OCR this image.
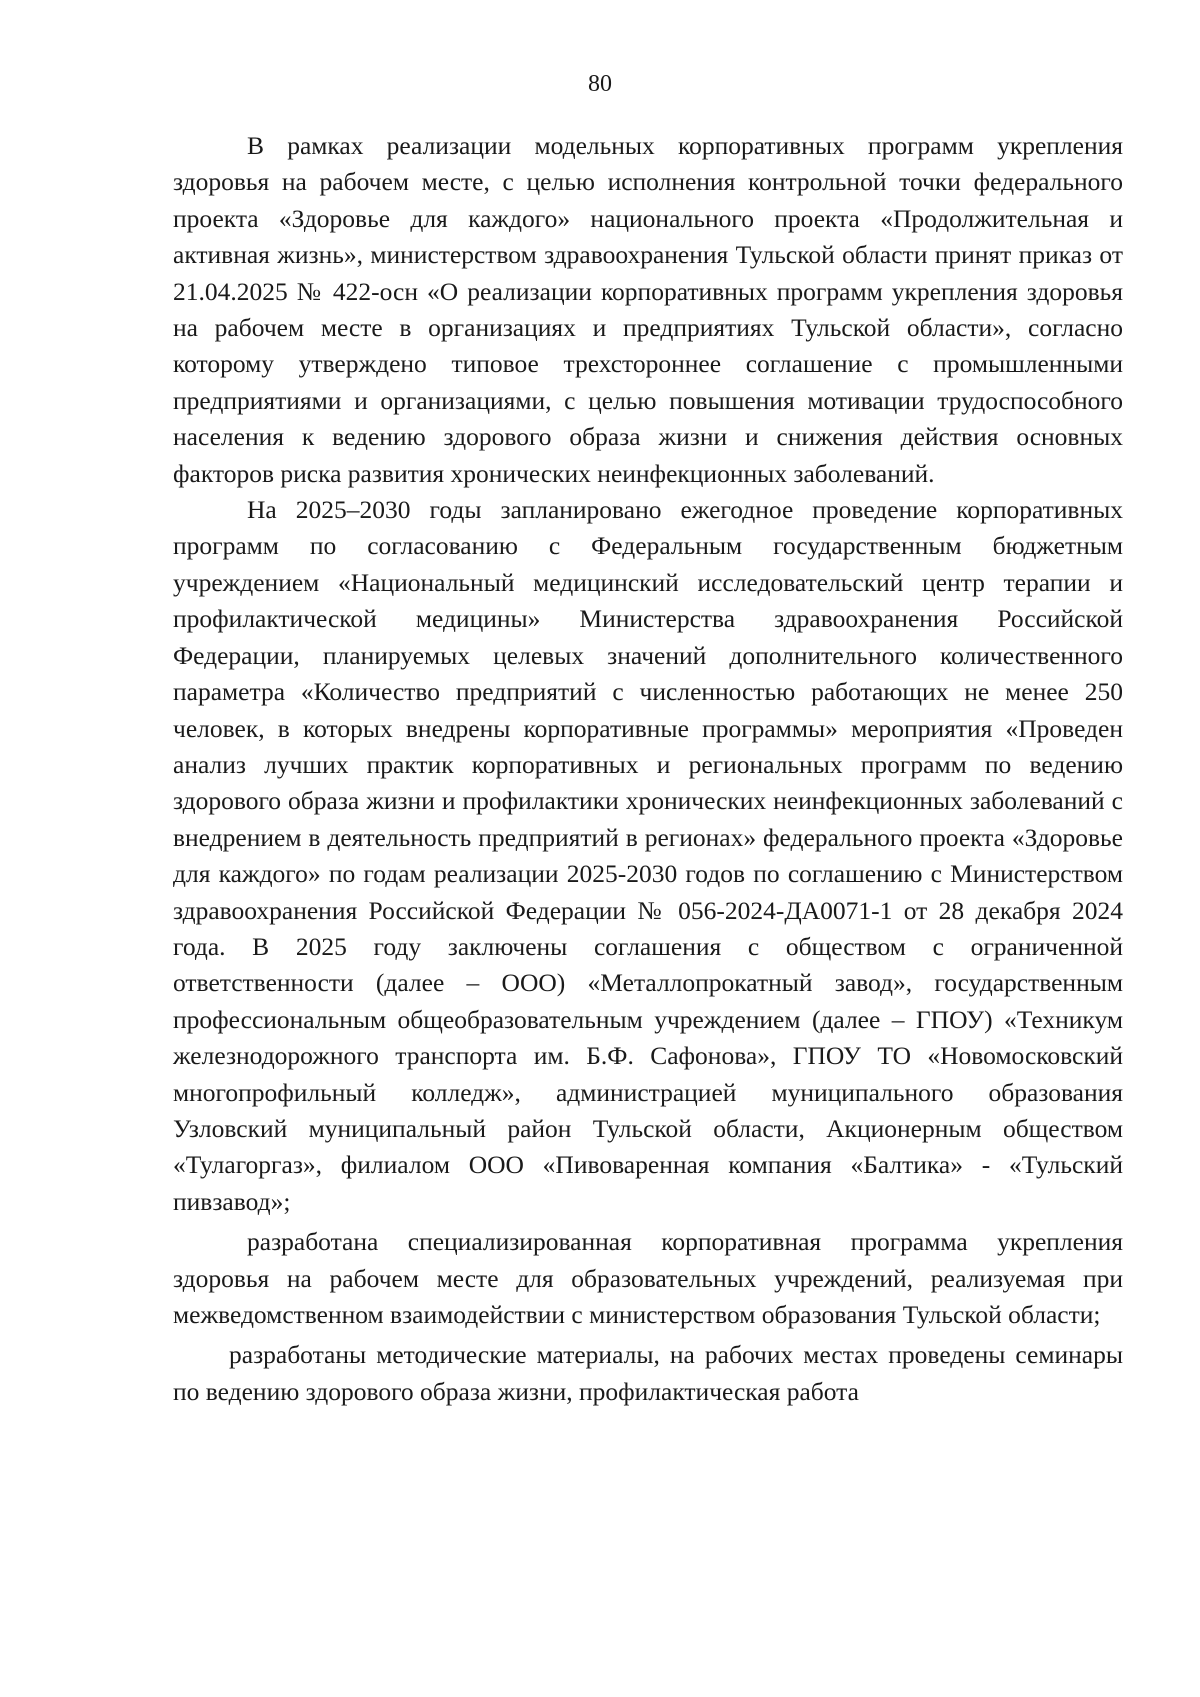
80

В рамках реализации модельных корпоративных программ укрепления здоровья на рабочем месте, с целью исполнения контрольной точки федерального проекта «Здоровье для каждого» национального проекта «Продолжительная и активная жизнь», министерством здравоохранения Тульской области принят приказ от 21.04.2025 № 422-осн «О реализации корпоративных программ укрепления здоровья на рабочем месте в организациях и предприятиях Тульской области», согласно которому утверждено типовое трехстороннее соглашение с промышленными предприятиями и организациями, с целью повышения мотивации трудоспособного населения к ведению здорового образа жизни и снижения действия основных факторов риска развития хронических неинфекционных заболеваний.

На 2025–2030 годы запланировано ежегодное проведение корпоративных программ по согласованию с Федеральным государственным бюджетным учреждением «Национальный медицинский исследовательский центр терапии и профилактической медицины» Министерства здравоохранения Российской Федерации, планируемых целевых значений дополнительного количественного параметра «Количество предприятий с численностью работающих не менее 250 человек, в которых внедрены корпоративные программы» мероприятия «Проведен анализ лучших практик корпоративных и региональных программ по ведению здорового образа жизни и профилактики хронических неинфекционных заболеваний с внедрением в деятельность предприятий в регионах» федерального проекта «Здоровье для каждого» по годам реализации 2025-2030 годов по соглашению с Министерством здравоохранения Российской Федерации № 056-2024-ДА0071-1 от 28 декабря 2024 года. В 2025 году заключены соглашения с обществом с ограниченной ответственности (далее – ООО) «Металлопрокатный завод», государственным профессиональным общеобразовательным учреждением (далее – ГПОУ) «Техникум железнодорожного транспорта им. Б.Ф. Сафонова», ГПОУ ТО «Новомосковский многопрофильный колледж», администрацией муниципального образования Узловский муниципальный район Тульской области, Акционерным обществом «Тулагоргаз», филиалом ООО «Пивоваренная компания «Балтика» - «Тульский пивзавод»;

разработана специализированная корпоративная программа укрепления здоровья на рабочем месте для образовательных учреждений, реализуемая при межведомственном взаимодействии с министерством образования Тульской области;

разработаны методические материалы, на рабочих местах проведены семинары по ведению здорового образа жизни, профилактическая работа
